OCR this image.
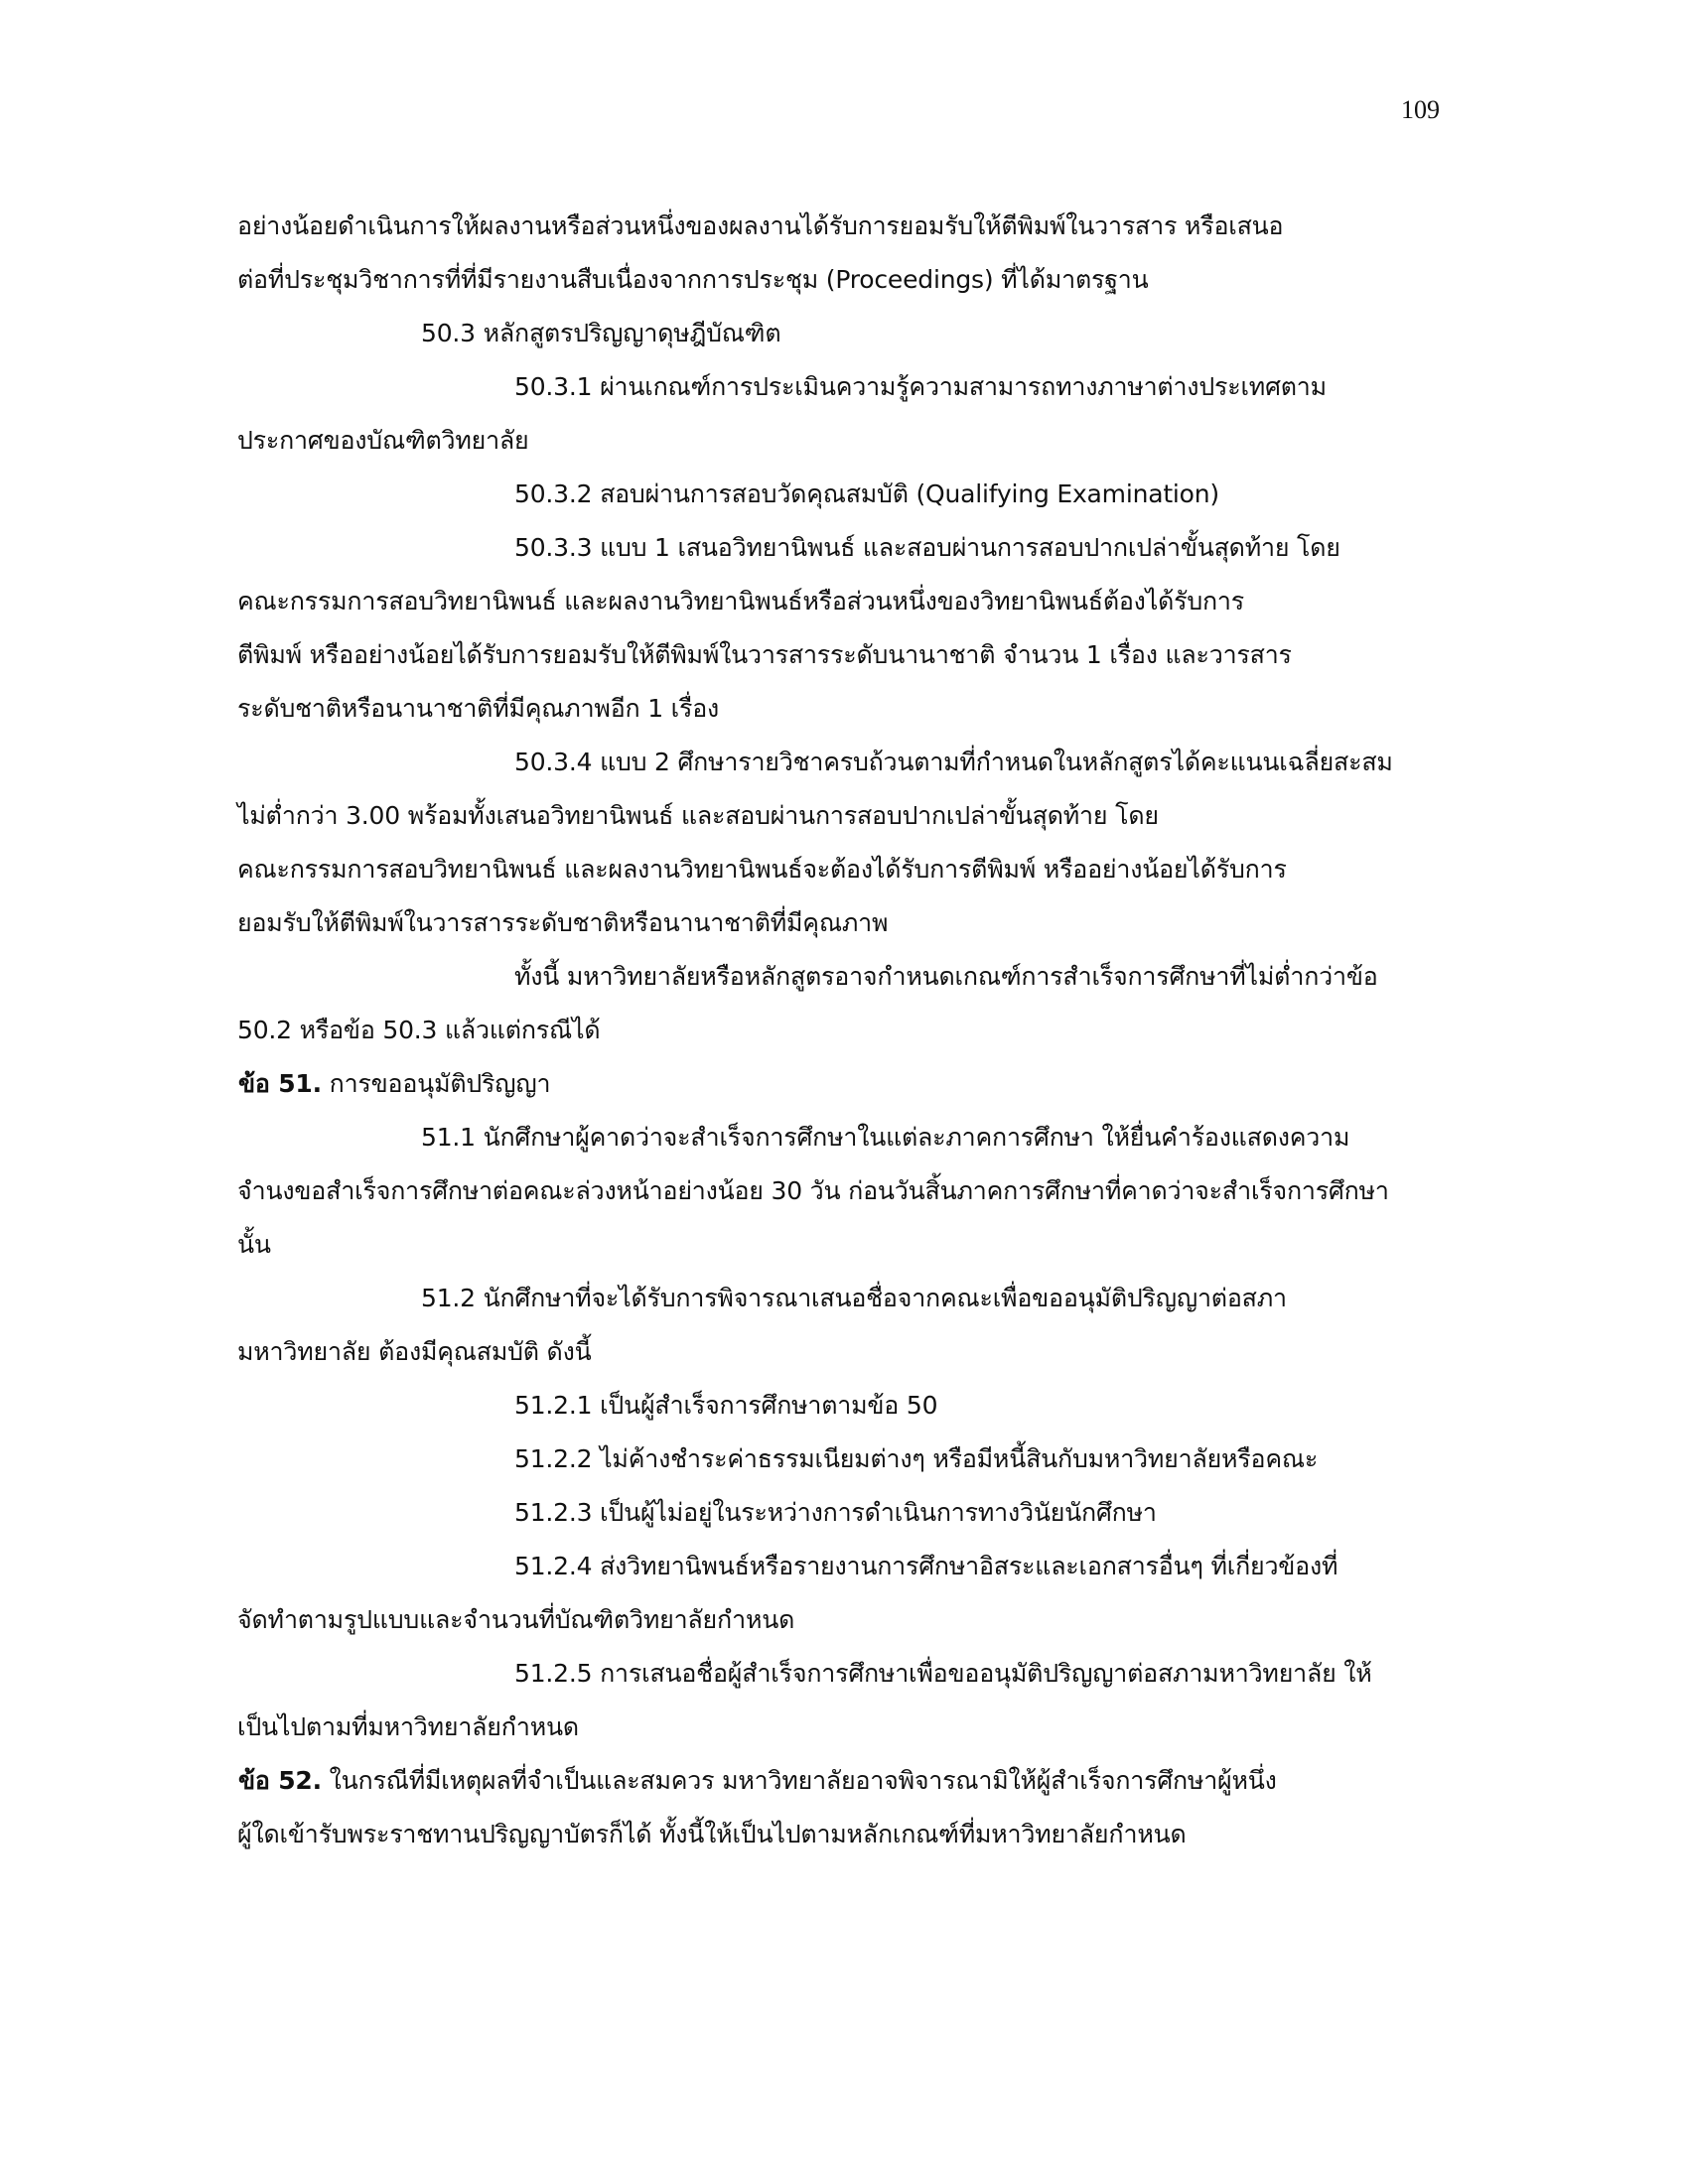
109
อย่างน้อยดำเนินการให้ผลงานหรือส่วนหนึ่งของผลงานได้รับการยอมรับให้ตีพิมพ์ในวารสาร หรือเสนอ
ต่อที่ประชุมวิชาการที่ที่มีรายงานสืบเนื่องจากการประชุม (Proceedings) ที่ได้มาตรฐาน
50.3 หลักสูตรปริญญาดุษฎีบัณฑิต
50.3.1 ผ่านเกณฑ์การประเมินความรู้ความสามารถทางภาษาต่างประเทศตาม
ประกาศของบัณฑิตวิทยาลัย
50.3.2 สอบผ่านการสอบวัดคุณสมบัติ (Qualifying Examination)
50.3.3 แบบ 1 เสนอวิทยานิพนธ์ และสอบผ่านการสอบปากเปล่าขั้นสุดท้าย โดย
คณะกรรมการสอบวิทยานิพนธ์ และผลงานวิทยานิพนธ์หรือส่วนหนึ่งของวิทยานิพนธ์ต้องได้รับการ
ตีพิมพ์ หรืออย่างน้อยได้รับการยอมรับให้ตีพิมพ์ในวารสารระดับนานาชาติ จำนวน 1 เรื่อง และวารสาร
ระดับชาติหรือนานาชาติที่มีคุณภาพอีก 1 เรื่อง
50.3.4 แบบ 2 ศึกษารายวิชาครบถ้วนตามที่กำหนดในหลักสูตรได้คะแนนเฉลี่ยสะสม
ไม่ต่ำกว่า 3.00 พร้อมทั้งเสนอวิทยานิพนธ์ และสอบผ่านการสอบปากเปล่าขั้นสุดท้าย โดย
คณะกรรมการสอบวิทยานิพนธ์ และผลงานวิทยานิพนธ์จะต้องได้รับการตีพิมพ์ หรืออย่างน้อยได้รับการ
ยอมรับให้ตีพิมพ์ในวารสารระดับชาติหรือนานาชาติที่มีคุณภาพ
ทั้งนี้ มหาวิทยาลัยหรือหลักสูตรอาจกำหนดเกณฑ์การสำเร็จการศึกษาที่ไม่ต่ำกว่าข้อ
50.2 หรือข้อ 50.3 แล้วแต่กรณีได้
ข้อ 51. การขออนุมัติปริญญา
51.1 นักศึกษาผู้คาดว่าจะสำเร็จการศึกษาในแต่ละภาคการศึกษา ให้ยื่นคำร้องแสดงความ
จำนงขอสำเร็จการศึกษาต่อคณะล่วงหน้าอย่างน้อย 30 วัน ก่อนวันสิ้นภาคการศึกษาที่คาดว่าจะสำเร็จการศึกษา
นั้น
51.2 นักศึกษาที่จะได้รับการพิจารณาเสนอชื่อจากคณะเพื่อขออนุมัติปริญญาต่อสภา
มหาวิทยาลัย ต้องมีคุณสมบัติ ดังนี้
51.2.1 เป็นผู้สำเร็จการศึกษาตามข้อ 50
51.2.2 ไม่ค้างชำระค่าธรรมเนียมต่างๆ หรือมีหนี้สินกับมหาวิทยาลัยหรือคณะ
51.2.3 เป็นผู้ไม่อยู่ในระหว่างการดำเนินการทางวินัยนักศึกษา
51.2.4 ส่งวิทยานิพนธ์หรือรายงานการศึกษาอิสระและเอกสารอื่นๆ ที่เกี่ยวข้องที่
จัดทำตามรูปแบบและจำนวนที่บัณฑิตวิทยาลัยกำหนด
51.2.5 การเสนอชื่อผู้สำเร็จการศึกษาเพื่อขออนุมัติปริญญาต่อสภามหาวิทยาลัย ให้
เป็นไปตามที่มหาวิทยาลัยกำหนด
ข้อ 52. ในกรณีที่มีเหตุผลที่จำเป็นและสมควร มหาวิทยาลัยอาจพิจารณามิให้ผู้สำเร็จการศึกษาผู้หนึ่ง
ผู้ใดเข้ารับพระราชทานปริญญาบัตรก็ได้ ทั้งนี้ให้เป็นไปตามหลักเกณฑ์ที่มหาวิทยาลัยกำหนด
